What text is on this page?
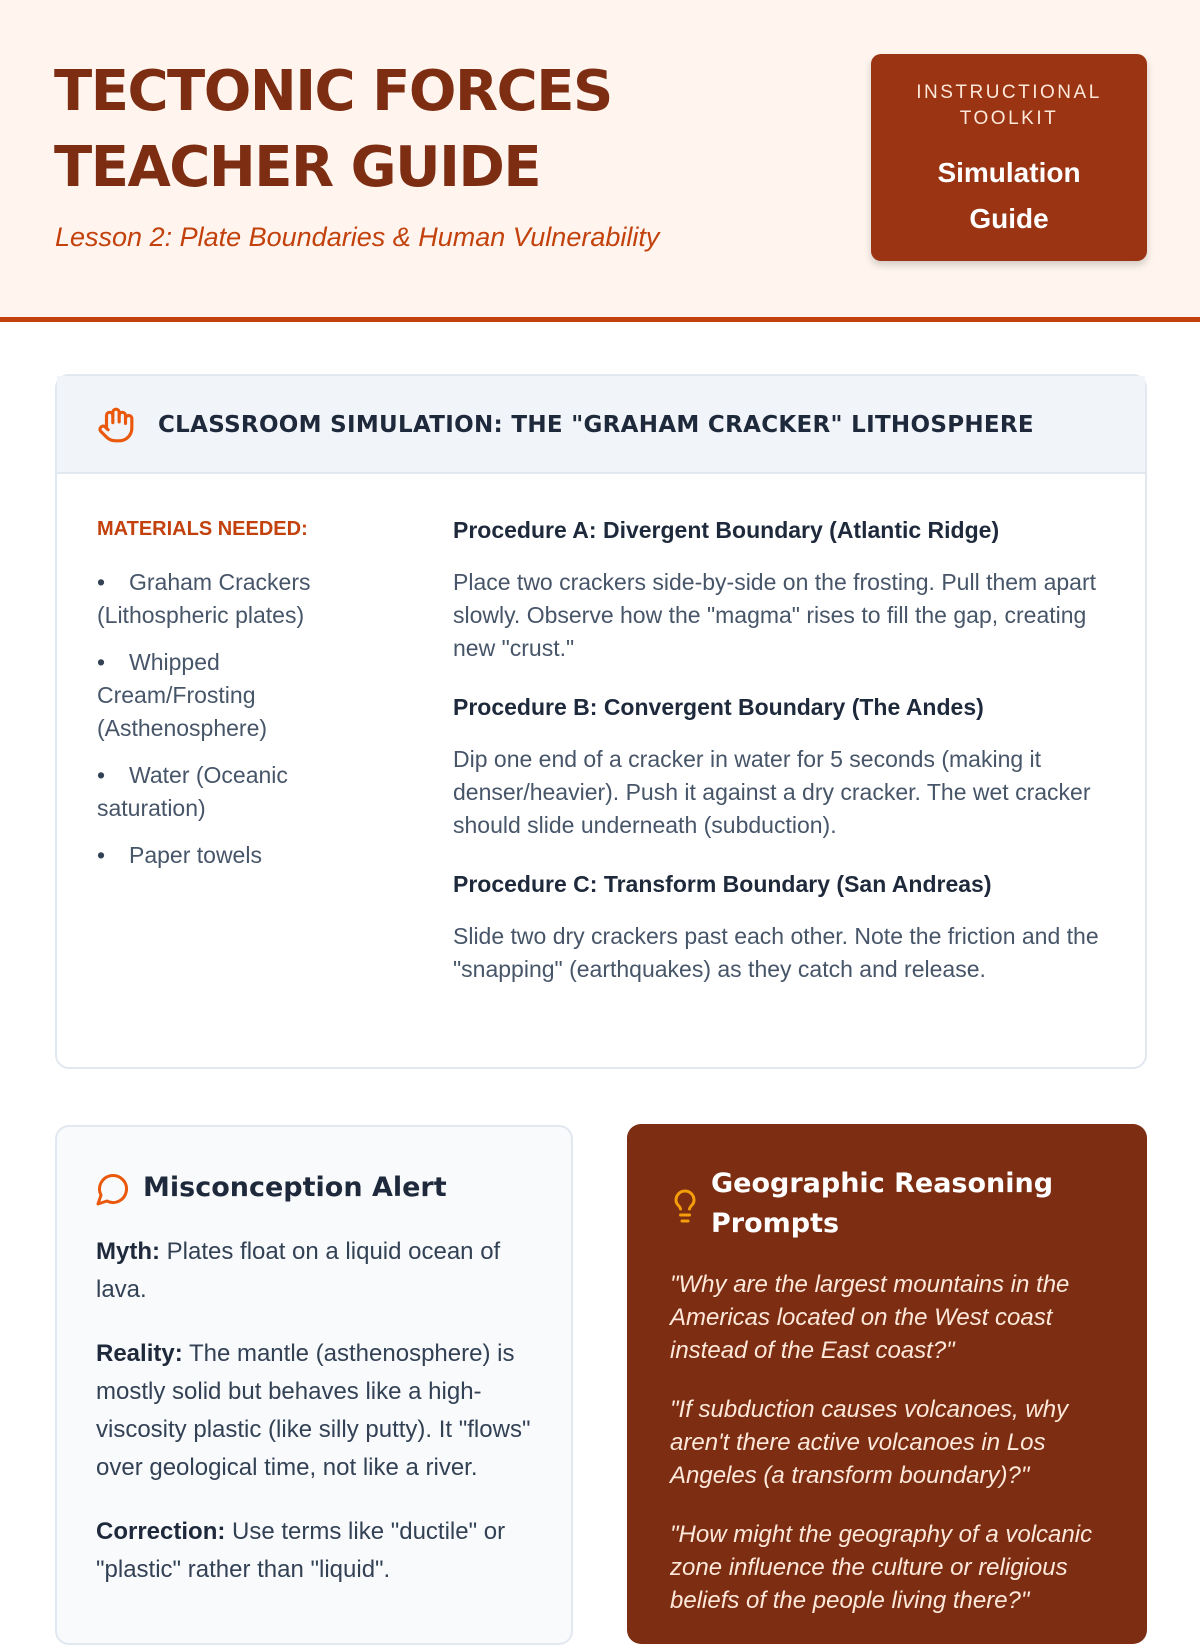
TECTONIC FORCES
TEACHER GUIDE
Lesson 2: Plate Boundaries & Human Vulnerability
INSTRUCTIONAL TOOLKIT
Simulation
Guide
CLASSROOM SIMULATION: THE "GRAHAM CRACKER" LITHOSPHERE
MATERIALS NEEDED:
• Graham Crackers (Lithospheric plates)
• Whipped Cream/Frosting (Asthenosphere)
• Water (Oceanic saturation)
• Paper towels
Procedure A: Divergent Boundary (Atlantic Ridge)
Place two crackers side-by-side on the frosting. Pull them apart slowly. Observe how the "magma" rises to fill the gap, creating new "crust."
Procedure B: Convergent Boundary (The Andes)
Dip one end of a cracker in water for 5 seconds (making it denser/heavier). Push it against a dry cracker. The wet cracker should slide underneath (subduction).
Procedure C: Transform Boundary (San Andreas)
Slide two dry crackers past each other. Note the friction and the "snapping" (earthquakes) as they catch and release.
Misconception Alert

Myth: Plates float on a liquid ocean of lava.

Reality: The mantle (asthenosphere) is mostly solid but behaves like a high-viscosity plastic (like silly putty). It "flows" over geological time, not like a river.

Correction: Use terms like "ductile" or "plastic" rather than "liquid".

Geographic Reasoning Prompts

"Why are the largest mountains in the Americas located on the West coast instead of the East coast?"

"If subduction causes volcanoes, why aren't there active volcanoes in Los Angeles (a transform boundary)?"

"How might the geography of a volcanic zone influence the culture or religious beliefs of the people living there?"
